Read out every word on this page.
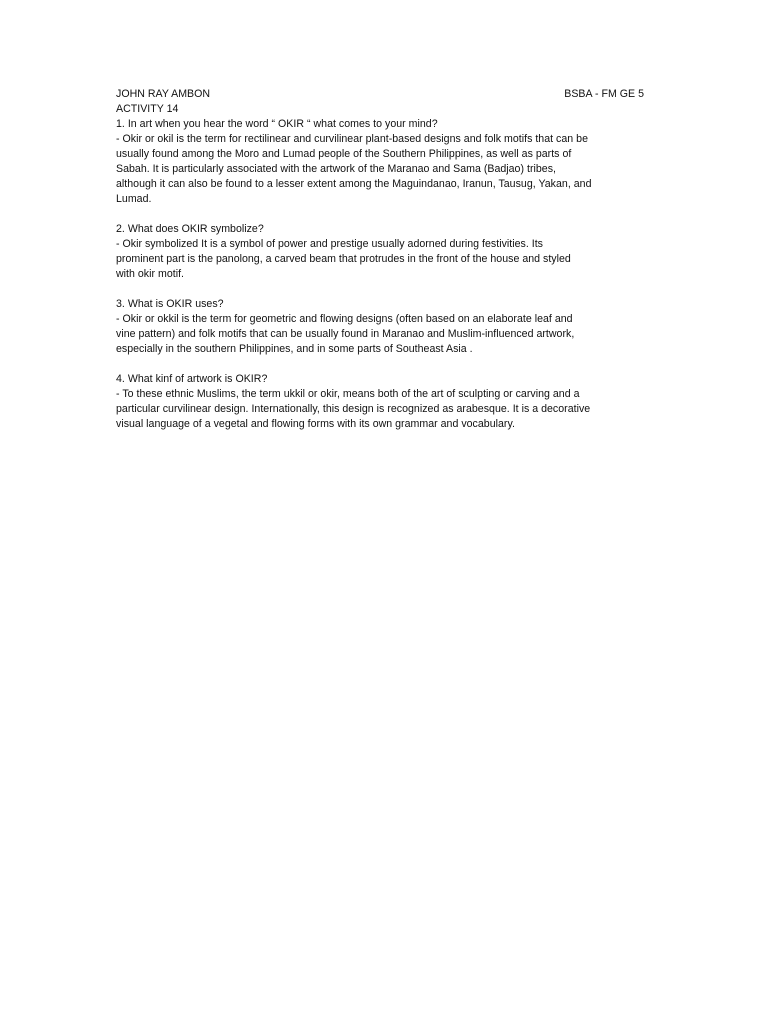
JOHN RAY AMBON	BSBA - FM GE 5
ACTIVITY 14
1. In art when you hear the word “ OKIR “ what comes to your mind?
- Okir or okil is the term for rectilinear and curvilinear plant-based designs and folk motifs that can be
usually found among the Moro and Lumad people of the Southern Philippines, as well as parts of
Sabah. It is particularly associated with the artwork of the Maranao and Sama (Badjao) tribes,
although it can also be found to a lesser extent among the Maguindanao, Iranun, Tausug, Yakan, and
Lumad.
2. What does OKIR symbolize?
- Okir symbolized It is a symbol of power and prestige usually adorned during festivities. Its
prominent part is the panolong, a carved beam that protrudes in the front of the house and styled
with okir motif.
3. What is OKIR uses?
- Okir or okkil is the term for geometric and flowing designs (often based on an elaborate leaf and
vine pattern) and folk motifs that can be usually found in Maranao and Muslim-influenced artwork,
especially in the southern Philippines, and in some parts of Southeast Asia .
4. What kinf of artwork is OKIR?
- To these ethnic Muslims, the term ukkil or okir, means both of the art of sculpting or carving and a
particular curvilinear design. Internationally, this design is recognized as arabesque. It is a decorative
visual language of a vegetal and flowing forms with its own grammar and vocabulary.
